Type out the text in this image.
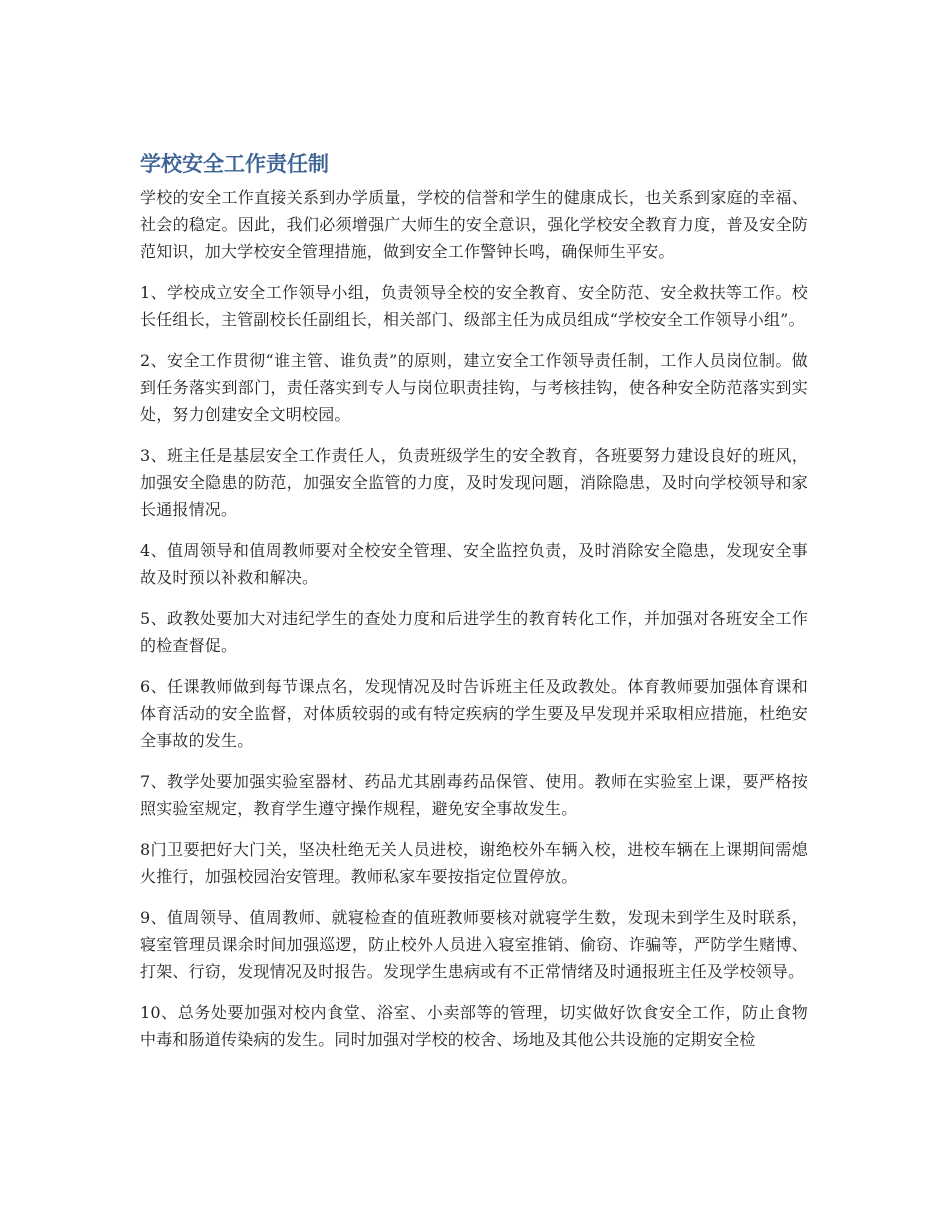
学校安全工作责任制

学校的安全工作直接关系到办学质量，学校的信誉和学生的健康成长，也关系到家庭的幸福、社会的稳定。因此，我们必须增强广大师生的安全意识，强化学校安全教育力度，普及安全防范知识，加大学校安全管理措施，做到安全工作警钟长鸣，确保师生平安。

1、学校成立安全工作领导小组，负责领导全校的安全教育、安全防范、安全救扶等工作。校长任组长，主管副校长任副组长，相关部门、级部主任为成员组成“学校安全工作领导小组”。

2、安全工作贯彻“谁主管、谁负责”的原则，建立安全工作领导责任制，工作人员岗位制。做到任务落实到部门，责任落实到专人与岗位职责挂钩，与考核挂钩，使各种安全防范落实到实处，努力创建安全文明校园。

3、班主任是基层安全工作责任人，负责班级学生的安全教育，各班要努力建设良好的班风，加强安全隐患的防范，加强安全监管的力度，及时发现问题，消除隐患，及时向学校领导和家长通报情况。

4、值周领导和值周教师要对全校安全管理、安全监控负责，及时消除安全隐患，发现安全事故及时预以补救和解决。

5、政教处要加大对违纪学生的查处力度和后进学生的教育转化工作，并加强对各班安全工作的检查督促。

6、任课教师做到每节课点名，发现情况及时告诉班主任及政教处。体育教师要加强体育课和体育活动的安全监督，对体质较弱的或有特定疾病的学生要及早发现并采取相应措施，杜绝安全事故的发生。

7、教学处要加强实验室器材、药品尤其剧毒药品保管、使用。教师在实验室上课，要严格按照实验室规定，教育学生遵守操作规程，避免安全事故发生。

8门卫要把好大门关，坚决杜绝无关人员进校，谢绝校外车辆入校，进校车辆在上课期间需熄火推行，加强校园治安管理。教师私家车要按指定位置停放。

9、值周领导、值周教师、就寝检查的值班教师要核对就寝学生数，发现未到学生及时联系，寝室管理员课余时间加强巡逻，防止校外人员进入寝室推销、偷窃、诈骗等，严防学生赌博、打架、行窃，发现情况及时报告。发现学生患病或有不正常情绪及时通报班主任及学校领导。

10、总务处要加强对校内食堂、浴室、小卖部等的管理，切实做好饮食安全工作，防止食物中毒和肠道传染病的发生。同时加强对学校的校舍、场地及其他公共设施的定期安全检
